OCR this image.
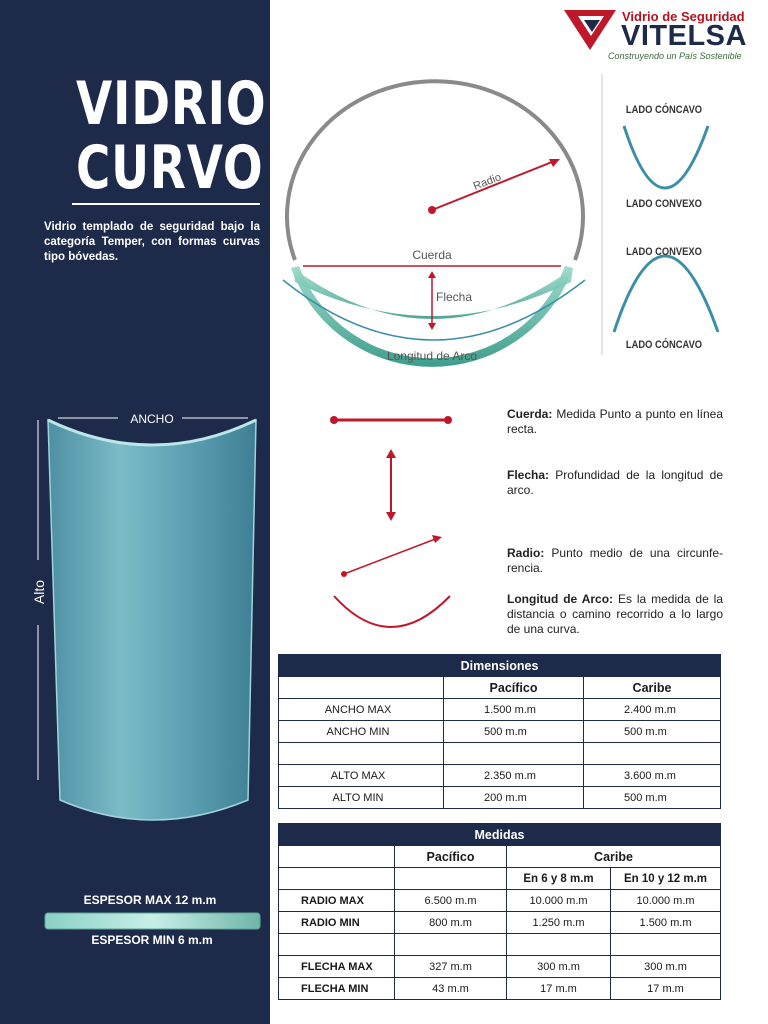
VIDRIO
CURVO
Vidrio templado de seguridad bajo la categoría Temper, con formas curvas tipo bóvedas.
ANCHO
Alto
ESPESOR MAX 12 m.m
ESPESOR MIN 6 m.m
Vidrio de Seguridad
VITELSA
Construyendo un País Sostenible
Radio
Cuerda
Flecha
Longitud de Arco
LADO CÓNCAVO
LADO CONVEXO
LADO CONVEXO
LADO CÓNCAVO
Cuerda: Medida Punto a punto en línea recta.
Flecha: Profundidad de la longitud de arco.
Radio: Punto medio de una circunfe- rencia.
Longitud de Arco: Es la medida de la distancia o camino recorrido a lo largo de una curva.
Dimensiones		
	Pacífico	Caribe
ANCHO MAX	1.500 m.m	2.400 m.m
ANCHO MIN	500 m.m	500 m.m

ALTO MAX	2.350 m.m	3.600 m.m
ALTO MIN	200 m.m	500 m.m
Medidas			
	Pacífico	Caribe	
		En 6 y 8 m.m	En 10 y 12 m.m
RADIO MAX	6.500 m.m	10.000 m.m	10.000 m.m
RADIO MIN	800 m.m	1.250 m.m	1.500 m.m

FLECHA MAX	327 m.m	300 m.m	300 m.m
FLECHA MIN	43 m.m	17 m.m	17 m.m
